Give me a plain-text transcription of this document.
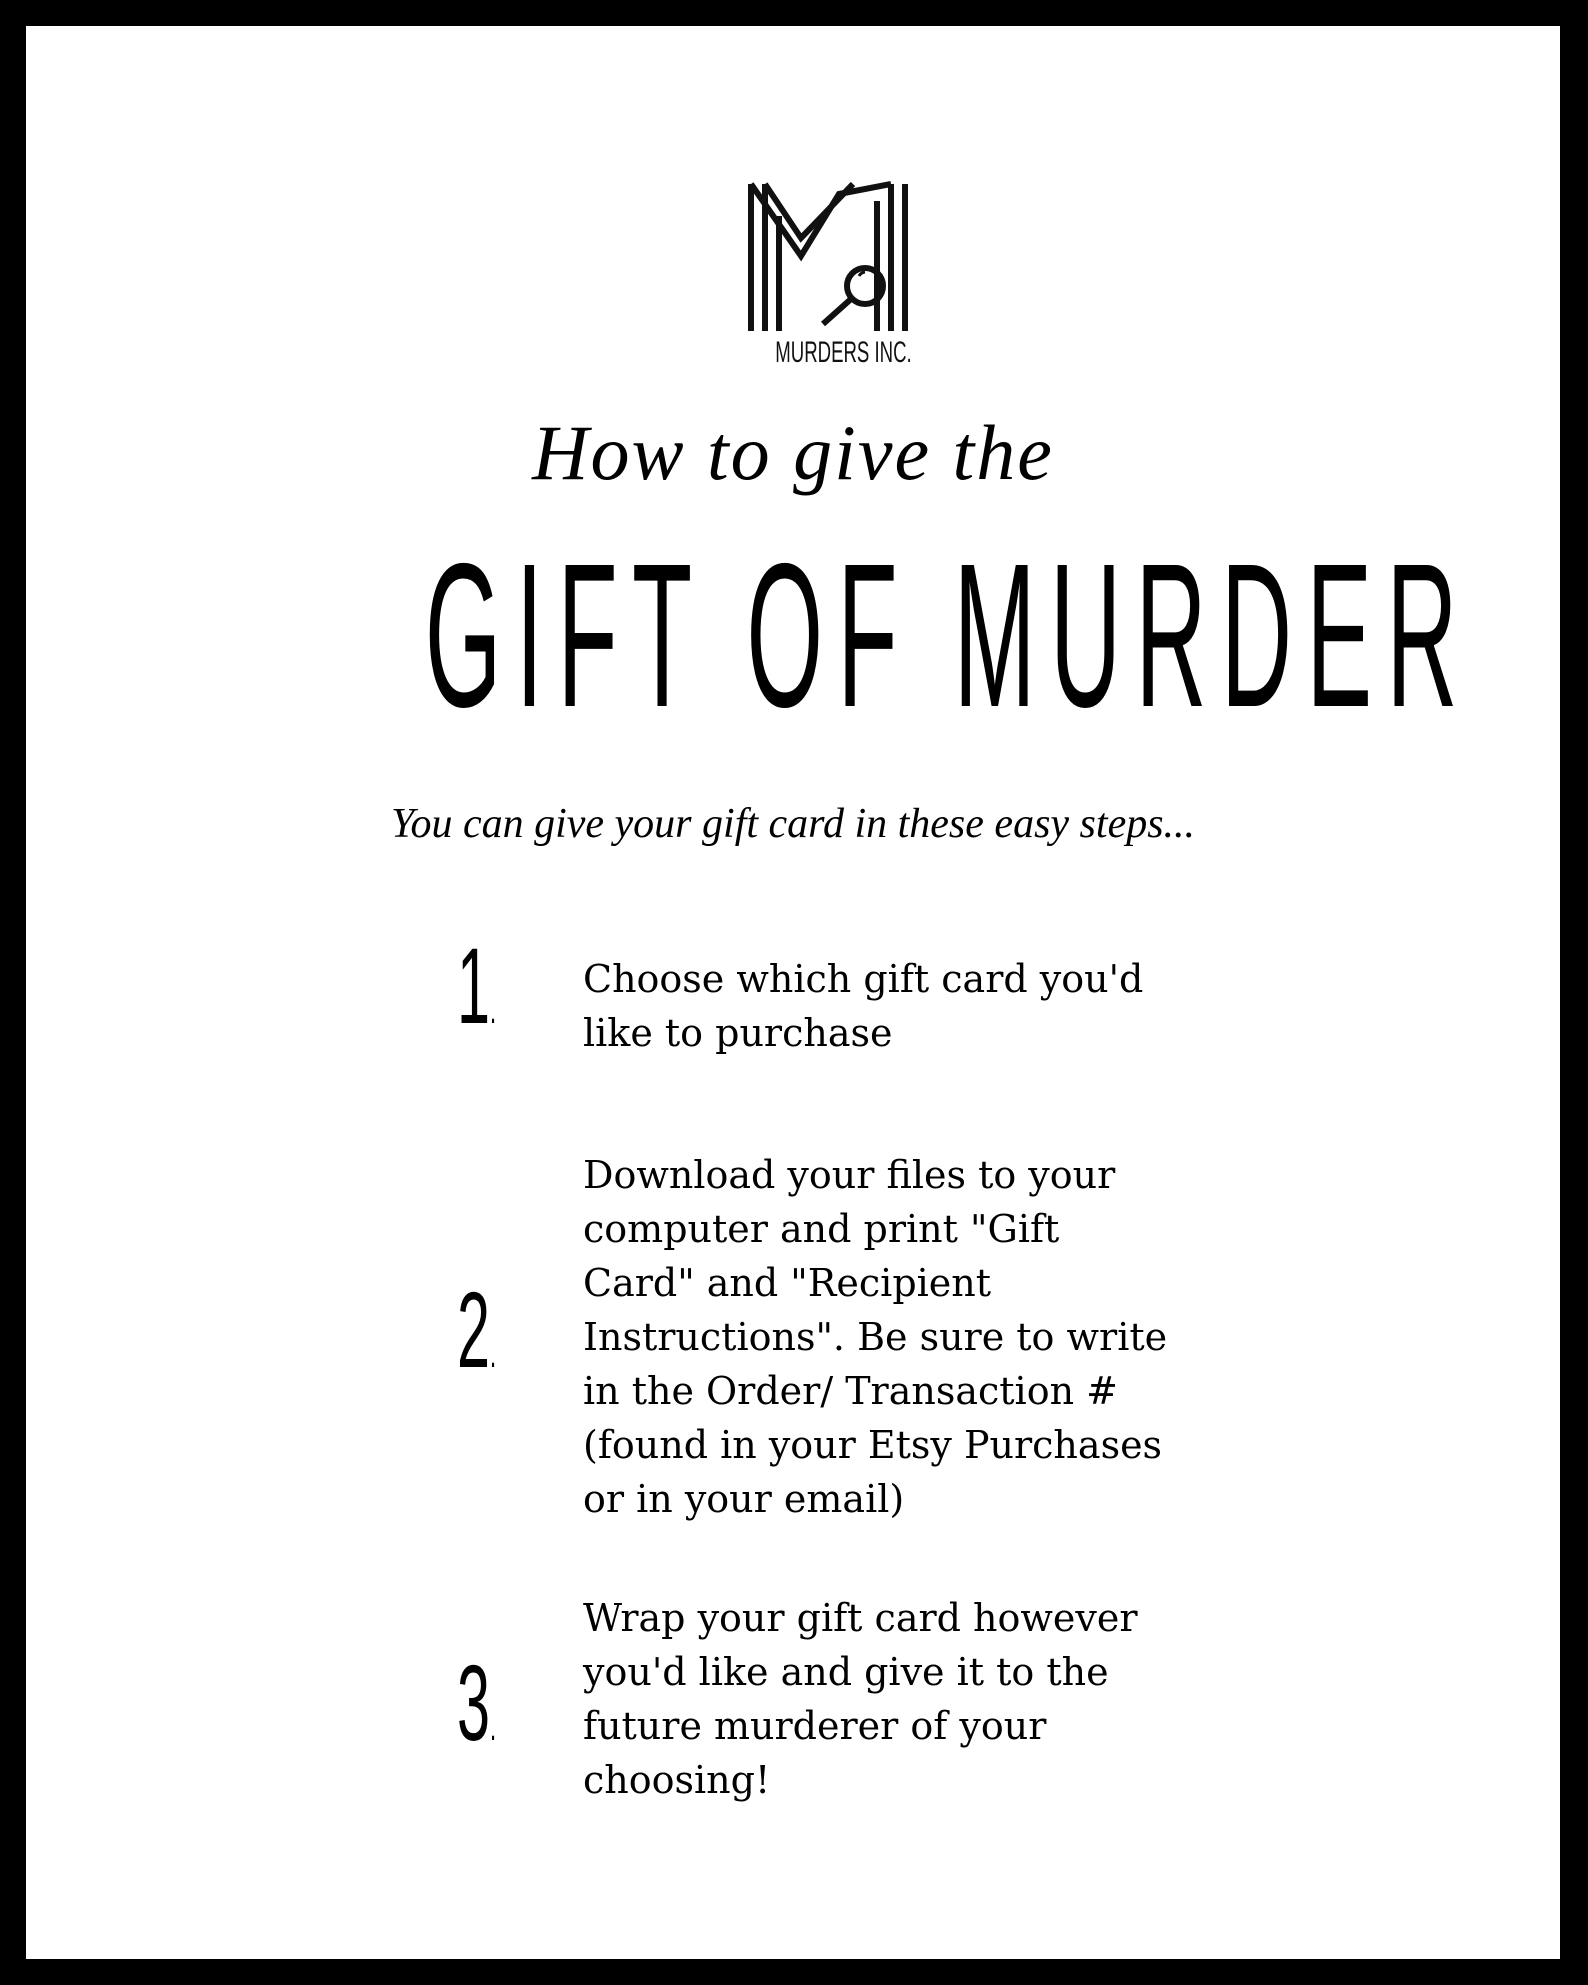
MURDERS INC.
How to give the
GIFT OF MURDER
You can give your gift card in these easy steps...
1.
Choose which gift card you'd like to purchase
2.
Download your files to your computer and print "Gift Card" and "Recipient Instructions". Be sure to write in the Order/ Transaction # (found in your Etsy Purchases or in your email)
3.
Wrap your gift card however you'd like and give it to the future murderer of your choosing!
